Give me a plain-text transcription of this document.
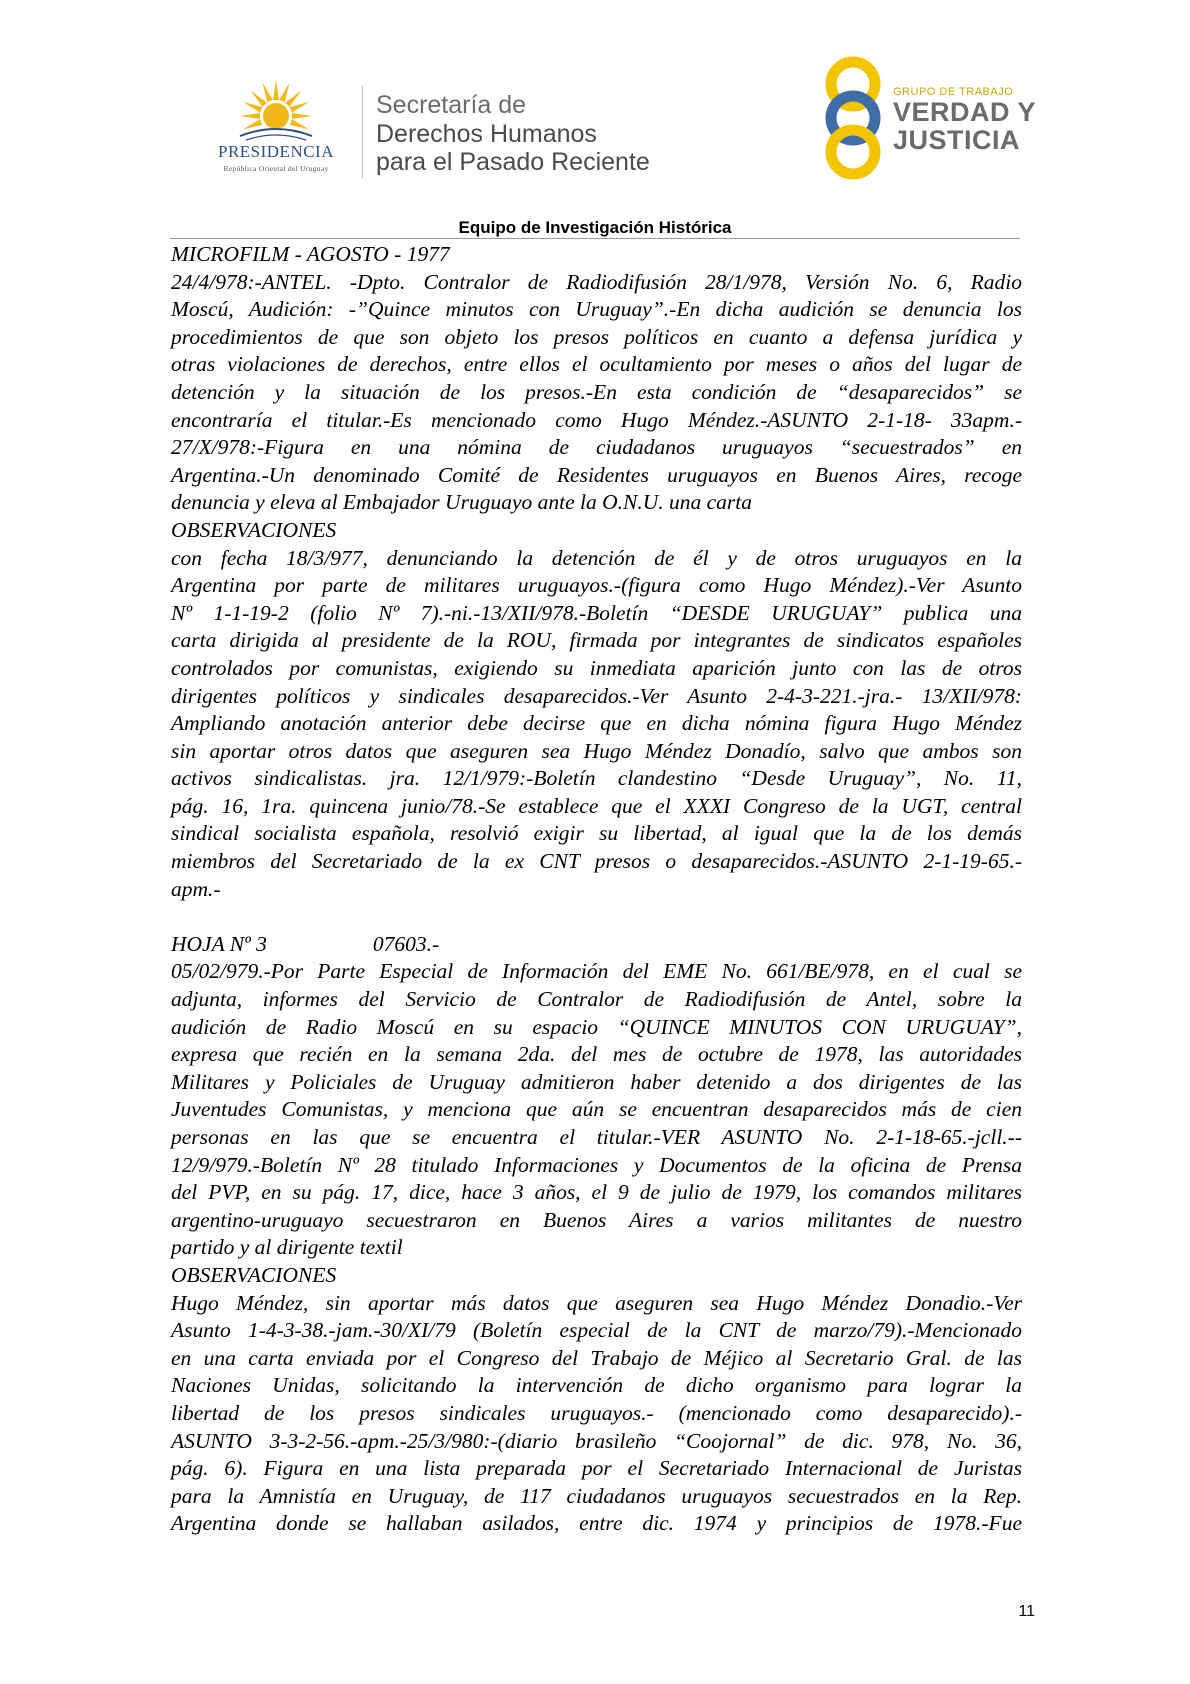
PRESIDENCIA
República Oriental del Uruguay
Secretaría de
Derechos Humanos
para el Pasado Reciente
GRUPO DE TRABAJO
VERDAD Y
JUSTICIA
Equipo de Investigación Histórica
MICROFILM - AGOSTO - 1977
24/4/978:-ANTEL. -Dpto. Contralor de Radiodifusión 28/1/978, Versión No. 6, Radio
Moscú, Audición: -”Quince minutos con Uruguay”.-En dicha audición se denuncia los
procedimientos de que son objeto los presos políticos en cuanto a defensa jurídica y
otras violaciones de derechos, entre ellos el ocultamiento por meses o años del lugar de
detención y la situación de los presos.-En esta condición de “desaparecidos” se
encontraría el titular.-Es mencionado como Hugo Méndez.-ASUNTO 2-1-18- 33apm.-
27/X/978:-Figura en una nómina de ciudadanos uruguayos “secuestrados” en
Argentina.-Un denominado Comité de Residentes uruguayos en Buenos Aires, recoge
denuncia y eleva al Embajador Uruguayo ante la O.N.U. una carta
OBSERVACIONES
con fecha 18/3/977, denunciando la detención de él y de otros uruguayos en la
Argentina por parte de militares uruguayos.-(figura como Hugo Méndez).-Ver Asunto
Nº 1-1-19-2 (folio Nº 7).-ni.-13/XII/978.-Boletín “DESDE URUGUAY” publica una
carta dirigida al presidente de la ROU, firmada por integrantes de sindicatos españoles
controlados por comunistas, exigiendo su inmediata aparición junto con las de otros
dirigentes políticos y sindicales desaparecidos.-Ver Asunto 2-4-3-221.-jra.- 13/XII/978:
Ampliando anotación anterior debe decirse que en dicha nómina figura Hugo Méndez
sin aportar otros datos que aseguren sea Hugo Méndez Donadío, salvo que ambos son
activos sindicalistas. jra. 12/1/979:-Boletín clandestino “Desde Uruguay”, No. 11,
pág. 16, 1ra. quincena junio/78.-Se establece que el XXXI Congreso de la UGT, central
sindical socialista española, resolvió exigir su libertad, al igual que la de los demás
miembros del Secretariado de la ex CNT presos o desaparecidos.-ASUNTO 2-1-19-65.-
apm.-
HOJA Nº 3	07603.-
05/02/979.-Por Parte Especial de Información del EME No. 661/BE/978, en el cual se
adjunta, informes del Servicio de Contralor de Radiodifusión de Antel, sobre la
audición de Radio Moscú en su espacio “QUINCE MINUTOS CON URUGUAY”,
expresa que recién en la semana 2da. del mes de octubre de 1978, las autoridades
Militares y Policiales de Uruguay admitieron haber detenido a dos dirigentes de las
Juventudes Comunistas, y menciona que aún se encuentran desaparecidos más de cien
personas en las que se encuentra el titular.-VER ASUNTO No. 2-1-18-65.-jcll.--
12/9/979.-Boletín Nº 28 titulado Informaciones y Documentos de la oficina de Prensa
del PVP, en su pág. 17, dice, hace 3 años, el 9 de julio de 1979, los comandos militares
argentino-uruguayo secuestraron en Buenos Aires a varios militantes de nuestro
partido y al dirigente textil
OBSERVACIONES
Hugo Méndez, sin aportar más datos que aseguren sea Hugo Méndez Donadio.-Ver
Asunto 1-4-3-38.-jam.-30/XI/79 (Boletín especial de la CNT de marzo/79).-Mencionado
en una carta enviada por el Congreso del Trabajo de Méjico al Secretario Gral. de las
Naciones Unidas, solicitando la intervención de dicho organismo para lograr la
libertad de los presos sindicales uruguayos.- (mencionado como desaparecido).-
ASUNTO 3-3-2-56.-apm.-25/3/980:-(diario brasileño “Coojornal” de dic. 978, No. 36,
pág. 6). Figura en una lista preparada por el Secretariado Internacional de Juristas
para la Amnistía en Uruguay, de 117 ciudadanos uruguayos secuestrados en la Rep.
Argentina donde se hallaban asilados, entre dic. 1974 y principios de 1978.-Fue
11
